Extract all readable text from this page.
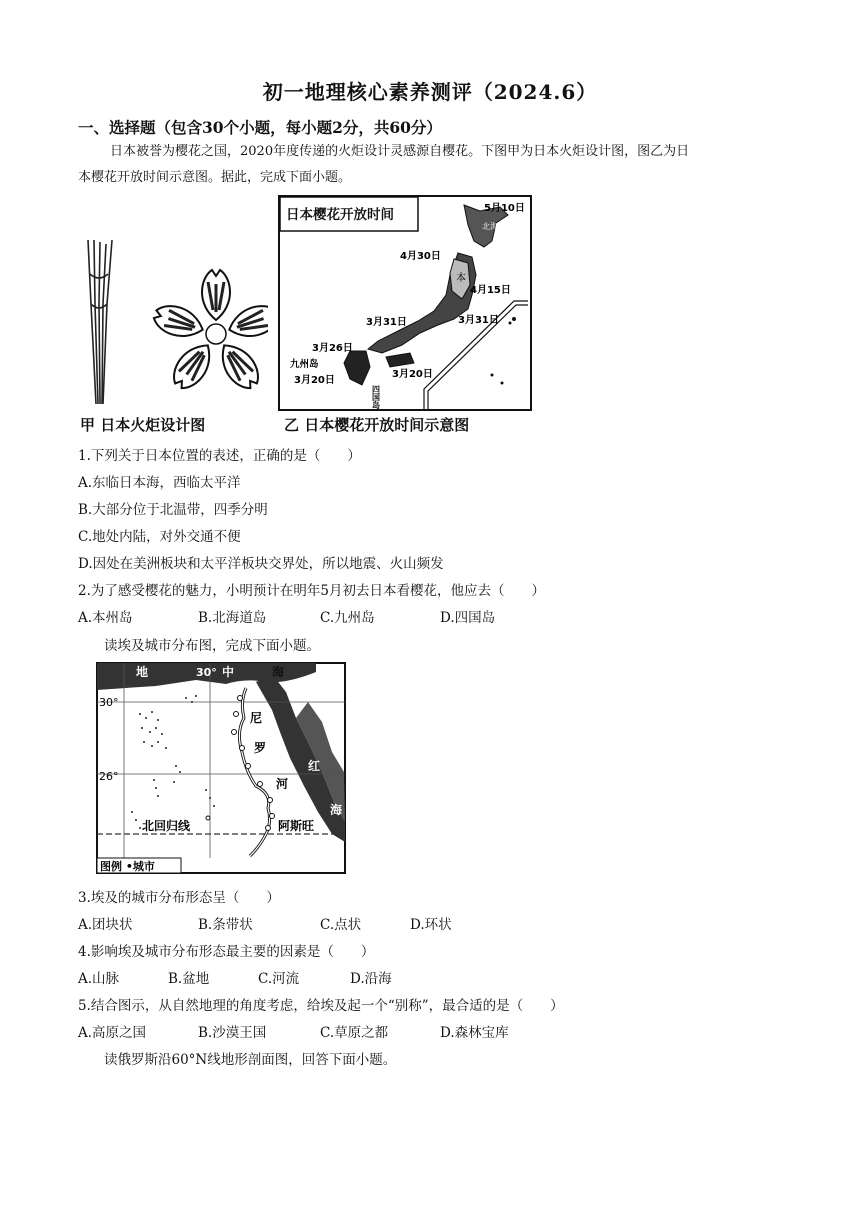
初一地理核心素养测评（2024.6）
一、选择题（包含30个小题，每小题2分，共60分）
日本被誉为樱花之国，2020年度传递的火炬设计灵感源自樱花。下图甲为日本火炬设计图，图乙为日
本樱花开放时间示意图。据此，完成下面小题。
甲 日本火炬设计图
日本樱花开放时间	5月10日
北海道岛
4月30日
本
4月15日
3月31日	3月31日
3月26日
九州岛
3月20日
3月20日
四国岛
乙 日本樱花开放时间示意图
1.下列关于日本位置的表述，正确的是（　　）
A.东临日本海，西临太平洋
B.大部分位于北温带，四季分明
C.地处内陆，对外交通不便
D.因处在美洲板块和太平洋板块交界处，所以地震、火山频发
2.为了感受樱花的魅力，小明预计在明年5月初去日本看樱花，他应去（　　）
A.本州岛	B.北海道岛	C.九州岛	D.四国岛
读埃及城市分布图，完成下面小题。
地	30° 中	海
30°
26°
尼
罗
河
红
海
北回归线	阿斯旺
图例 •城市
3.埃及的城市分布形态呈（　　）
A.团块状	B.条带状	C.点状	D.环状
4.影响埃及城市分布形态最主要的因素是（　　）
A.山脉	B.盆地	C.河流	D.沿海
5.结合图示，从自然地理的角度考虑，给埃及起一个“别称”，最合适的是（　　）
A.高原之国	B.沙漠王国	C.草原之都	D.森林宝库
读俄罗斯沿60°N线地形剖面图，回答下面小题。
